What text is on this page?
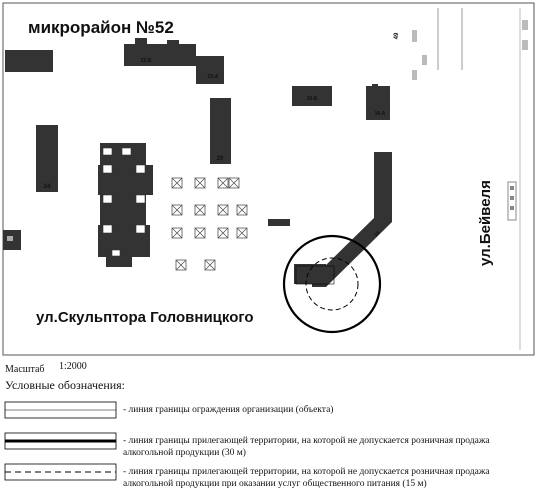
24
22-Б
22-А
20
16-Б
16-А
49
16
микрорайон №52
ул.Скульптора Головницкого
ул.Бейвеля
Масштаб 1:2000
Условные обозначения:
- линия границы ограждения организации (объекта)
- линия границы прилегающей территории, на которой не допускается розничная продажа алкогольной продукции (30 м)
- линия границы прилегающей территории, на которой не допускается розничная продажа алкогольной продукции при оказании услуг общественного питания (15 м)
